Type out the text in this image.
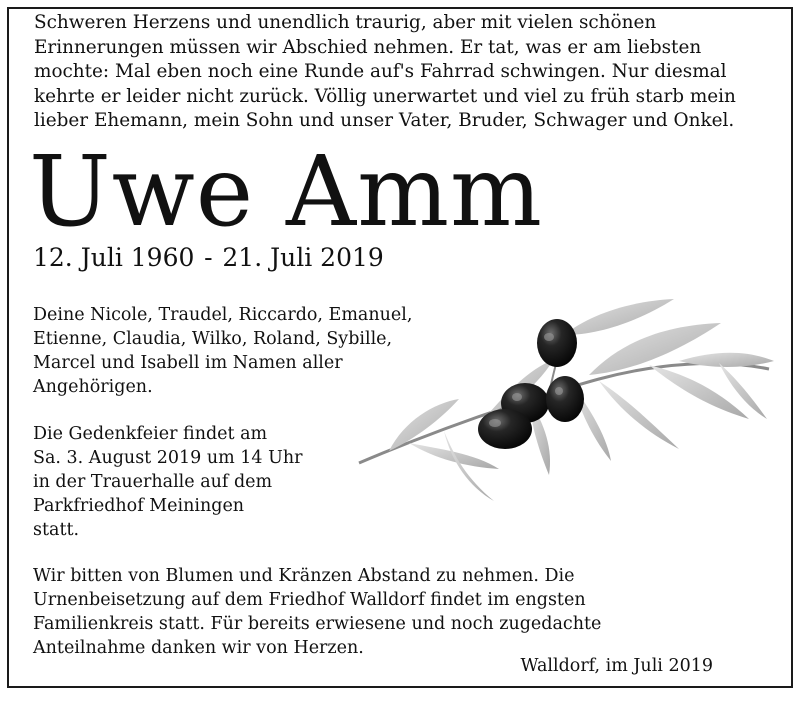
Schweren Herzens und unendlich traurig, aber mit vielen schönen
Erinnerungen müssen wir Abschied nehmen. Er tat, was er am liebsten
mochte: Mal eben noch eine Runde auf's Fahrrad schwingen. Nur diesmal
kehrte er leider nicht zurück. Völlig unerwartet und viel zu früh starb mein
lieber Ehemann, mein Sohn und unser Vater, Bruder, Schwager und Onkel.
Uwe Amm
12. Juli 1960 - 21. Juli 2019
Deine Nicole, Traudel, Riccardo, Emanuel,
Etienne, Claudia, Wilko, Roland, Sybille,
Marcel und Isabell im Namen aller
Angehörigen.
Die Gedenkfeier findet am
Sa. 3. August 2019 um 14 Uhr
in der Trauerhalle auf dem
Parkfriedhof Meiningen
statt.
Wir bitten von Blumen und Kränzen Abstand zu nehmen. Die
Urnenbeisetzung auf dem Friedhof Walldorf findet im engsten
Familienkreis statt. Für bereits erwiesene und noch zugedachte
Anteilnahme danken wir von Herzen.
Walldorf, im Juli 2019
